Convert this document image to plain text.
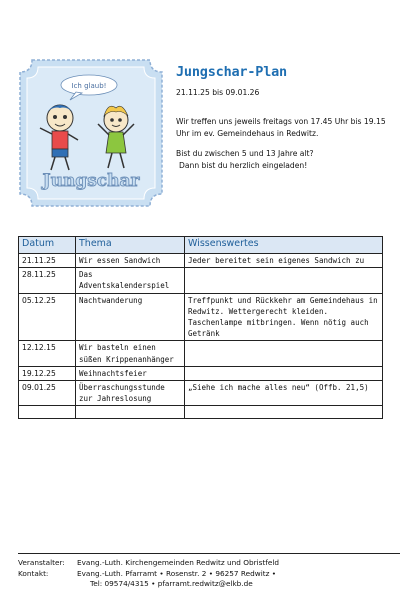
Ich glaub!
Jungschar
Jungschar-Plan
21.11.25 bis 09.01.26
Wir treffen uns jeweils freitags von 17.45 Uhr bis 19.15 Uhr im ev. Gemeindehaus in Redwitz.
Bist du zwischen 5 und 13 Jahre alt?
Dann bist du herzlich eingeladen!
Datum	Thema	Wissenswertes
21.11.25	Wir essen Sandwich	Jeder bereitet sein eigenes Sandwich zu
28.11.25	Das Adventskalenderspiel	
05.12.25	Nachtwanderung	Treffpunkt und Rückkehr am Gemeindehaus in Redwitz. Wettergerecht kleiden. Taschenlampe mitbringen. Wenn nötig auch Getränk
12.12.15	Wir basteln einen süßen Krippenanhänger	
19.12.25	Weihnachtsfeier	
09.01.25	Überraschungsstunde zur Jahreslosung	„Siehe ich mache alles neu“ (Offb. 21,5)

Veranstalter:	Evang.-Luth. Kirchengemeinden Redwitz und Obristfeld
Kontakt:	Evang.-Luth. Pfarramt • Rosenstr. 2 • 96257 Redwitz •
Tel: 09574/4315 • pfarramt.redwitz@elkb.de
